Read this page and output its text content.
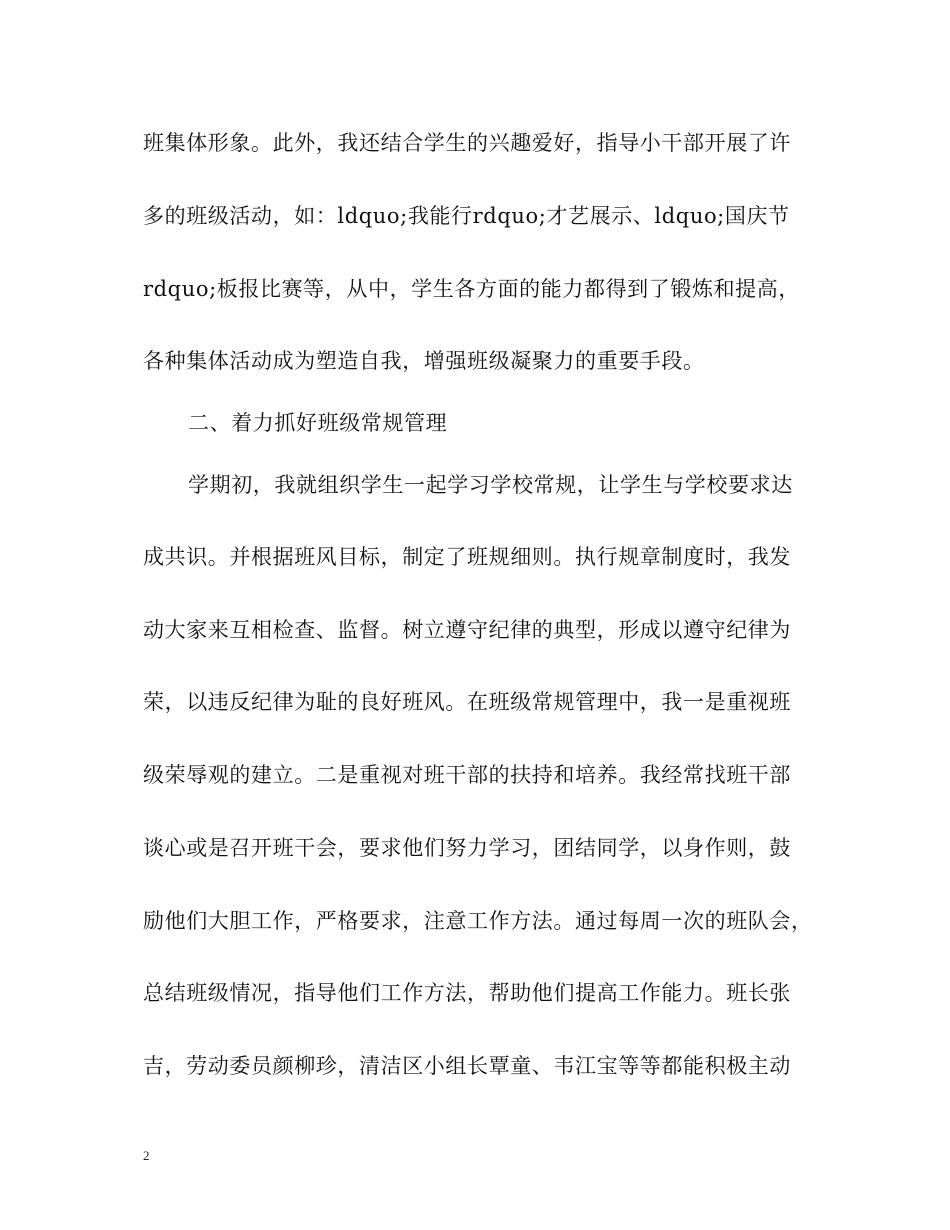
班集体形象。此外，我还结合学生的兴趣爱好，指导小干部开展了许
多的班级活动，如：ldquo;我能行rdquo;才艺展示、ldquo;国庆节
rdquo;板报比赛等，从中，学生各方面的能力都得到了锻炼和提高，
各种集体活动成为塑造自我，增强班级凝聚力的重要手段。
二、着力抓好班级常规管理
学期初，我就组织学生一起学习学校常规，让学生与学校要求达
成共识。并根据班风目标，制定了班规细则。执行规章制度时，我发
动大家来互相检查、监督。树立遵守纪律的典型，形成以遵守纪律为
荣，以违反纪律为耻的良好班风。在班级常规管理中，我一是重视班
级荣辱观的建立。二是重视对班干部的扶持和培养。我经常找班干部
谈心或是召开班干会，要求他们努力学习，团结同学，以身作则，鼓
励他们大胆工作，严格要求，注意工作方法。通过每周一次的班队会，
总结班级情况，指导他们工作方法，帮助他们提高工作能力。班长张
吉，劳动委员颜柳珍，清洁区小组长覃童、韦江宝等等都能积极主动
2
